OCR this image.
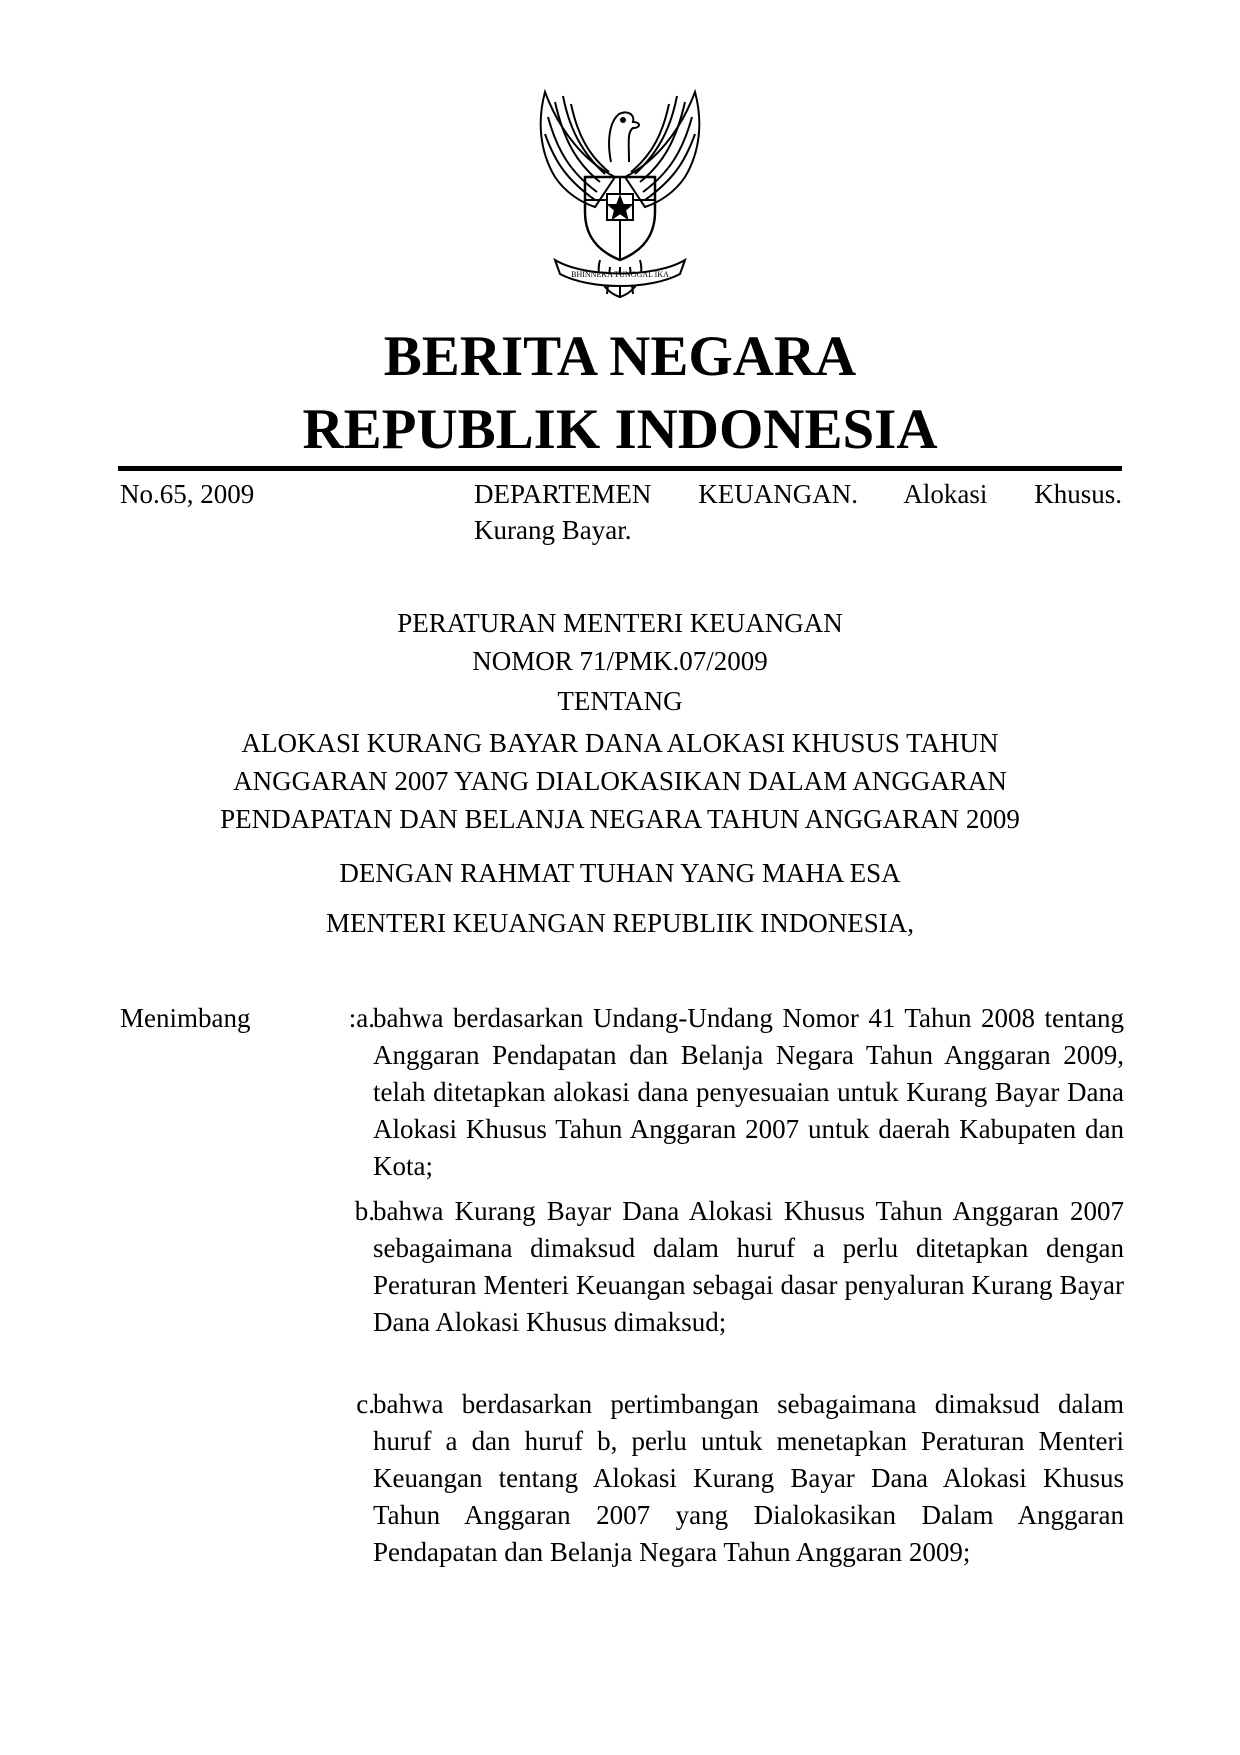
BHINNEKA TUNGGAL IKA
BERITA NEGARA
REPUBLIK INDONESIA
No.65, 2009	DEPARTEMEN KEUANGAN. Alokasi Khusus.
Kurang Bayar.
PERATURAN MENTERI KEUANGAN
NOMOR 71/PMK.07/2009
TENTANG
ALOKASI KURANG BAYAR DANA ALOKASI KHUSUS TAHUN
ANGGARAN 2007 YANG DIALOKASIKAN DALAM ANGGARAN
PENDAPATAN DAN BELANJA NEGARA TAHUN ANGGARAN 2009
DENGAN RAHMAT TUHAN YANG MAHA ESA
MENTERI KEUANGAN REPUBLIIK INDONESIA,
Menimbang	:a.
bahwa berdasarkan Undang-Undang Nomor 41 Tahun 2008 tentang Anggaran Pendapatan dan Belanja Negara Tahun Anggaran 2009, telah ditetapkan alokasi dana penyesuaian untuk Kurang Bayar Dana Alokasi Khusus Tahun Anggaran 2007 untuk daerah Kabupaten dan Kota;
b.
bahwa Kurang Bayar Dana Alokasi Khusus Tahun Anggaran 2007 sebagaimana dimaksud dalam huruf a perlu ditetapkan dengan Peraturan Menteri Keuangan sebagai dasar penyaluran Kurang Bayar Dana Alokasi Khusus dimaksud;
c.
bahwa berdasarkan pertimbangan sebagaimana dimaksud dalam huruf a dan huruf b, perlu untuk menetapkan Peraturan Menteri Keuangan tentang Alokasi Kurang Bayar Dana Alokasi Khusus Tahun Anggaran 2007 yang Dialokasikan Dalam Anggaran Pendapatan dan Belanja Negara Tahun Anggaran 2009;
